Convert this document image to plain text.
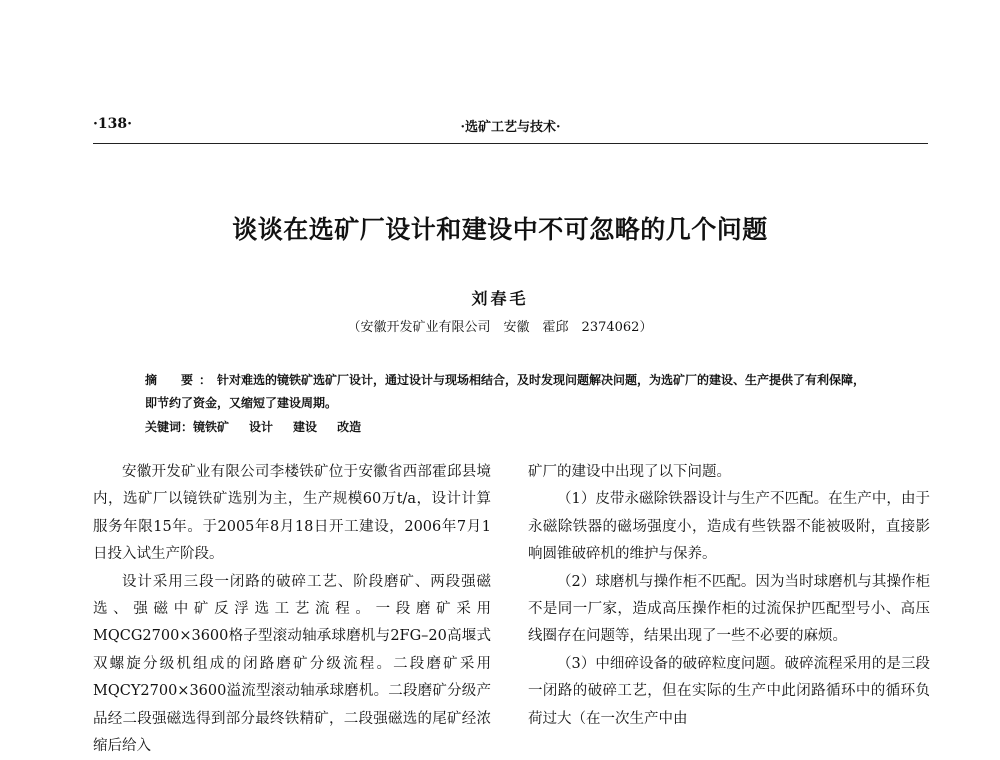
·138·	·选矿工艺与技术·
谈谈在选矿厂设计和建设中不可忽略的几个问题
刘春毛
（安徽开发矿业有限公司　安徽　霍邱　2374062）
摘　要：针对难选的镜铁矿选矿厂设计，通过设计与现场相结合，及时发现问题解决问题，为选矿厂的建设、生产提供了有利保障，即节约了资金，又缩短了建设周期。
关键词：镜铁矿 设计 建设 改造

安徽开发矿业有限公司李楼铁矿位于安徽省西部霍邱县境内，选矿厂以镜铁矿选别为主，生产规模60万t/a，设计计算服务年限15年。于2005年8月18日开工建设，2006年7月1日投入试生产阶段。

设计采用三段一闭路的破碎工艺、阶段磨矿、两段强磁选、强磁中矿反浮选工艺流程。一段磨矿采用MQCG2700×3600格子型滚动轴承球磨机与2FG–20高堰式双螺旋分级机组成的闭路磨矿分级流程。二段磨矿采用MQCY2700×3600溢流型滚动轴承球磨机。二段磨矿分级产品经二段强磁选得到部分最终铁精矿，二段强磁选的尾矿经浓缩后给入

矿厂的建设中出现了以下问题。

（1）皮带永磁除铁器设计与生产不匹配。在生产中，由于永磁除铁器的磁场强度小，造成有些铁器不能被吸附，直接影响圆锥破碎机的维护与保养。

（2）球磨机与操作柜不匹配。因为当时球磨机与其操作柜不是同一厂家，造成高压操作柜的过流保护匹配型号小、高压线圈存在问题等，结果出现了一些不必要的麻烦。

（3）中细碎设备的破碎粒度问题。破碎流程采用的是三段一闭路的破碎工艺，但在实际的生产中此闭路循环中的循环负荷过大（在一次生产中由
